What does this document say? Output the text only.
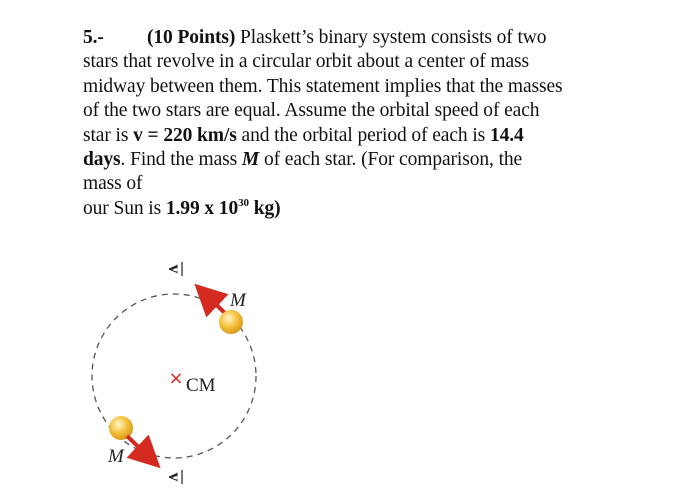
5.- (10 Points) Plaskett’s binary system consists of two
stars that revolve in a circular orbit about a center of mass
midway between them. This statement implies that the masses
of the two stars are equal. Assume the orbital speed of each
star is v = 220 km/s and the orbital period of each is 14.4
days. Find the mass M of each star. (For comparison, the
mass of
our Sun is 1.99 x $10^{30}$ kg)
v
M
× CM
M
v
